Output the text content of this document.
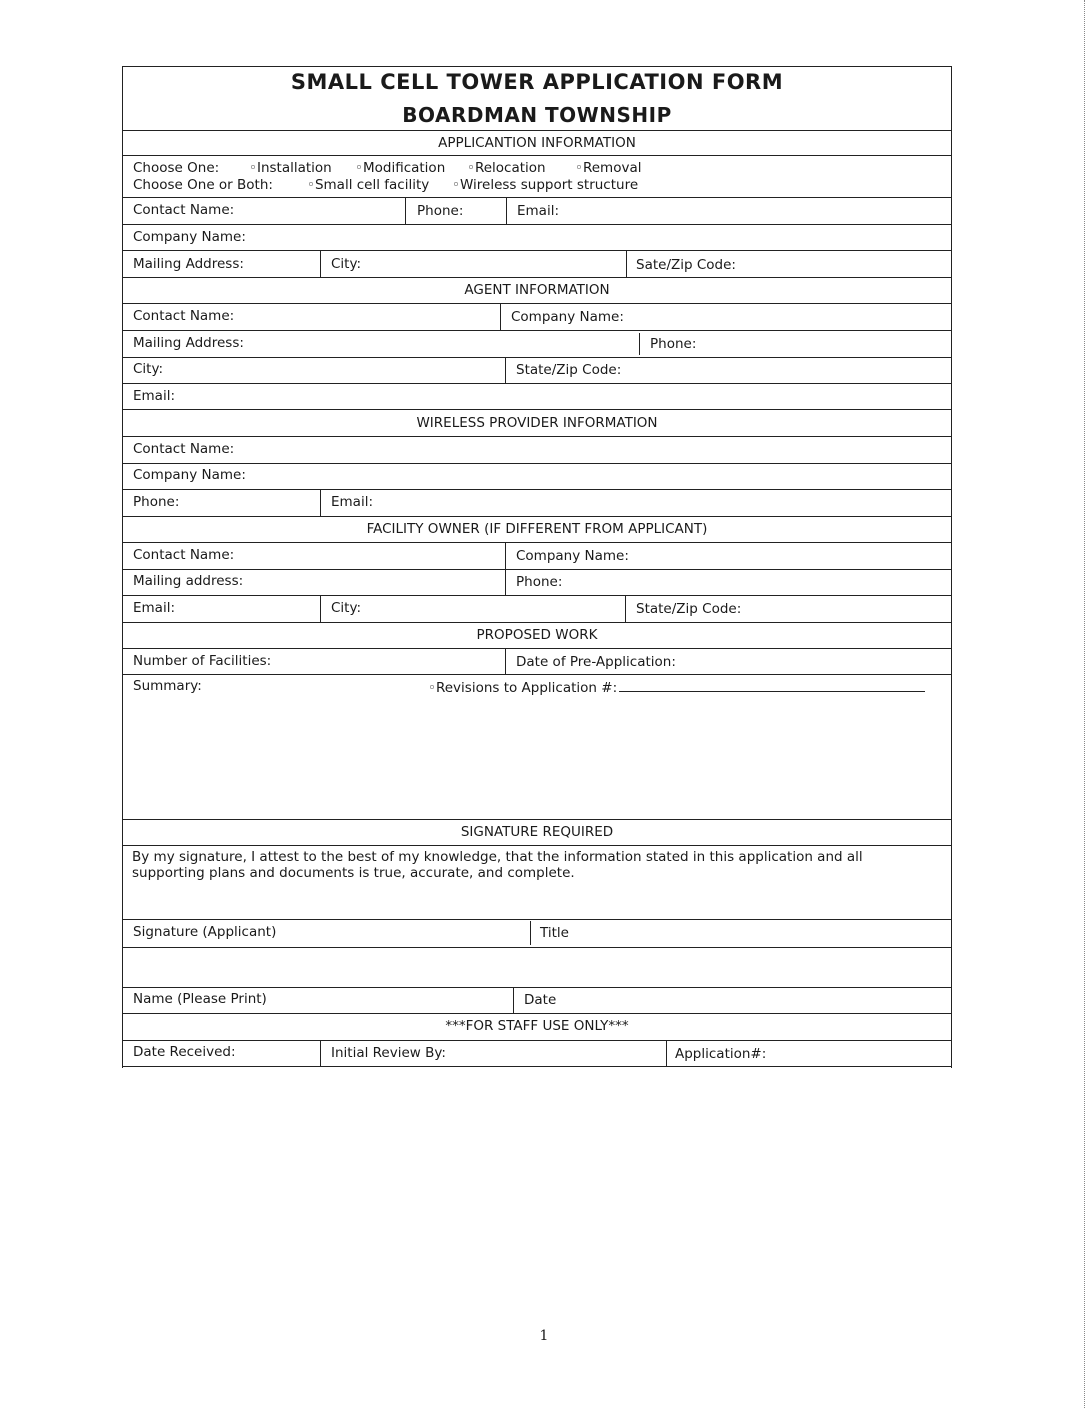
SMALL CELL TOWER APPLICATION FORM
BOARDMAN TOWNSHIP
APPLICANTION INFORMATION
Choose One: ◦Installation ◦Modification ◦Relocation ◦Removal
Choose One or Both:	◦Small cell facility ◦Wireless support structure
Contact Name:	Phone:	Email:
Company Name:
Mailing Address:	City:	Sate/Zip Code:
AGENT INFORMATION
Contact Name:	Company Name:
Mailing Address:	Phone:
City:	State/Zip Code:
Email:
WIRELESS PROVIDER INFORMATION
Contact Name:
Company Name:
Phone:	Email:
FACILITY OWNER (IF DIFFERENT FROM APPLICANT)
Contact Name:	Company Name:
Mailing address:	Phone:
Email:	City:	State/Zip Code:
PROPOSED WORK
Number of Facilities:	Date of Pre-Application:
Summary:	◦Revisions to Application #:
SIGNATURE REQUIRED
By my signature, I attest to the best of my knowledge, that the information stated in this application and all supporting plans and documents is true, accurate, and complete.
Signature (Applicant)	Title
Name (Please Print)	Date
***FOR STAFF USE ONLY***
Date Received:	Initial Review By:	Application#:
1
